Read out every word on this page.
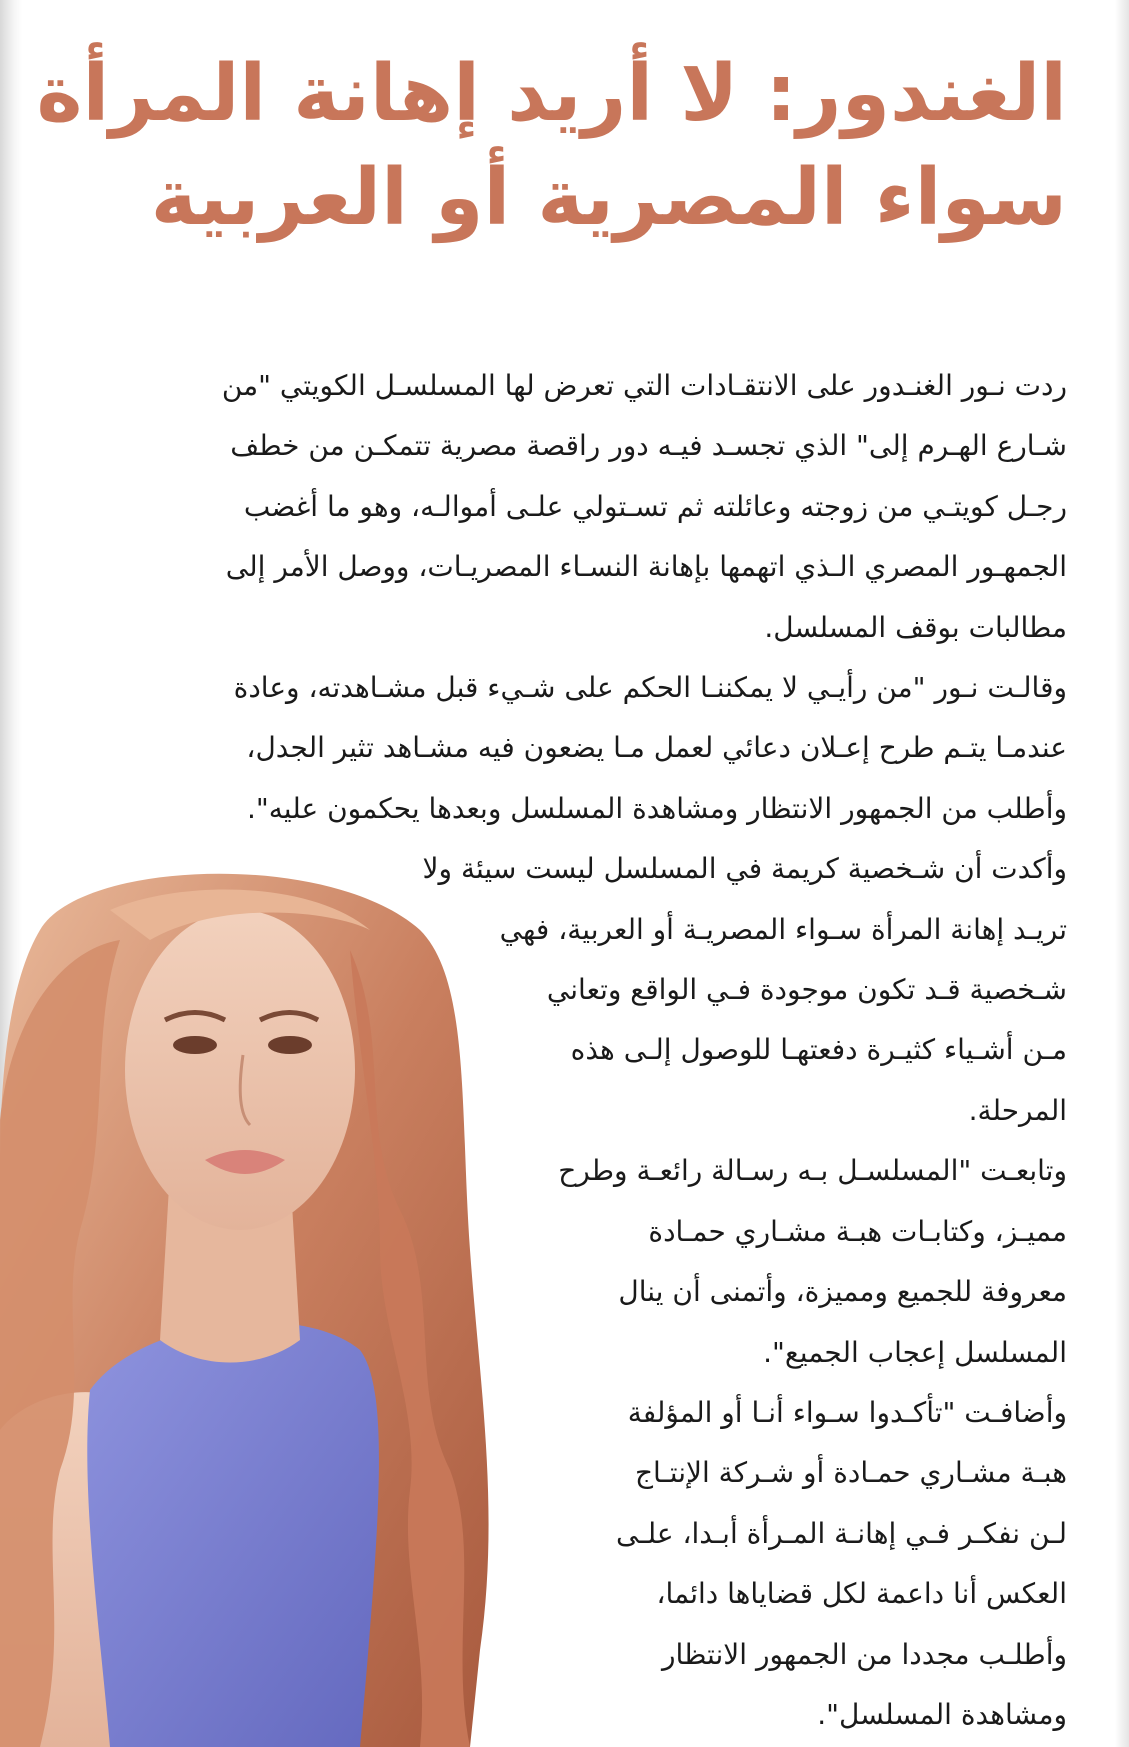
الغندور: لا أريد إهانة المرأة
سواء المصرية أو العربية
ردت نـور الغنـدور على الانتقـادات التي تعرض لها المسلسـل الكويتي "من
شـارع الهـرم إلى" الذي تجسـد فيـه دور راقصة مصرية تتمكـن من خطف
رجـل كويتـي من زوجته وعائلته ثم تسـتولي علـى أموالـه، وهو ما أغضب
الجمهـور المصري الـذي اتهمها بإهانة النسـاء المصريـات، ووصل الأمر إلى
مطالبات بوقف المسلسل.
وقالـت نـور "من رأيـي لا يمكننـا الحكم على شـيء قبل مشـاهدته، وعادة
عندمـا يتـم طرح إعـلان دعائي لعمل مـا يضعون فيه مشـاهد تثير الجدل،
وأطلب من الجمهور الانتظار ومشاهدة المسلسل وبعدها يحكمون عليه".
وأكدت أن شـخصية كريمة في المسلسل ليست سيئة ولا
تريـد إهانة المرأة سـواء المصريـة أو العربية، فهي
شـخصية قـد تكون موجودة فـي الواقع وتعاني
مـن أشـياء كثيـرة دفعتهـا للوصول إلـى هذه
المرحلة.
وتابعـت "المسلسـل بـه رسـالة رائعـة وطرح
مميـز، وكتابـات هبـة مشـاري حمـادة
معروفة للجميع ومميزة، وأتمنى أن ينال
المسلسل إعجاب الجميع".
وأضافـت "تأكـدوا سـواء أنـا أو المؤلفة
هبـة مشـاري حمـادة أو شـركة الإنتـاج
لـن نفكـر فـي إهانـة المـرأة أبـدا، علـى
العكس أنا داعمة لكل قضاياها دائما،
وأطلـب مجددا من الجمهور الانتظار
ومشاهدة المسلسل".
